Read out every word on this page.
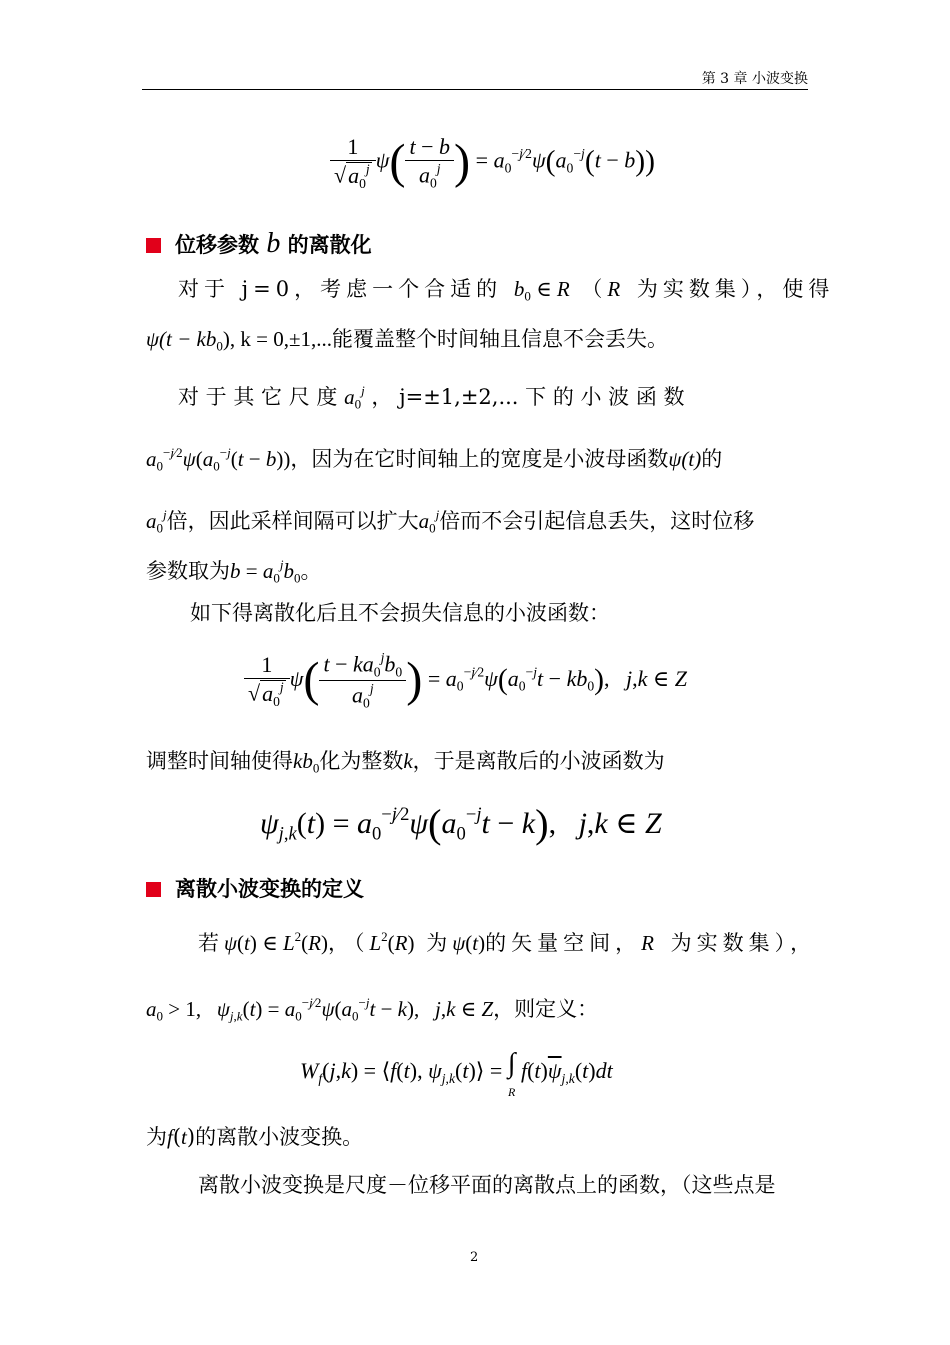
第 3 章 小波变换
$\frac{1}{√a_0^j} \psi( \frac{t - b}{a_0^j}$ ) = $a_0^{-j⁄2}\psi(a_0^{-j}(t - b))$
位移参数 b 的离散化
对于 j=0，考虑一个合适的 $b_0$ ∈ R （R 为实数集），使得
$\psi(t - kb_0)$, k = 0,±1,...能覆盖整个时间轴且信息不会丢失。
对 于 其 它 尺 度 $a_0^j$ ， j=±1,±2,... 下 的 小 波 函 数
$a_0^{-j⁄2}\psi(a_0^{-j}(t - b))$，因为在它时间轴上的宽度是小波母函数ψ(t)的
$a_0^j$倍，因此采样间隔可以扩大$a_0^j$倍而不会引起信息丢失，这时位移
参数取为$b = a_0^jb_0$。
如下得离散化后且不会损失信息的小波函数：
$\frac{1}{√a_0^j} \psi( \frac{t - ka_0^jb_0}{a_0^j}$ ) = $a_0^{-j⁄2}\psi(a_0^{-j}t - kb_0)$,   j,k ∈ Z
调整时间轴使得$kb_0$化为整数k，于是离散后的小波函数为
$\psi_{j,k}(t) = a_0^{-j⁄2}\psi(a_0^{-j}t - k)$,   j,k ∈ Z
离散小波变换的定义
若ψ(t) ∈ $L^2(R)$，（$L^2(R)$ 为ψ(t)的矢量空间，R 为实数集），
$a_0 > 1$,   $\psi_{j,k}(t) = a_0^{-j⁄2}\psi(a_0^{-j}t - k)$,   j,k ∈ Z，则定义：
$W_f(j,k)$ = ⟨f(t), $\psi_{j,k}(t)⟩$ = ∫
R $f(t)\overline{\psi}_{j,k}(t)dt$
为f(t)的离散小波变换。
离散小波变换是尺度－位移平面的离散点上的函数，（这些点是
2
